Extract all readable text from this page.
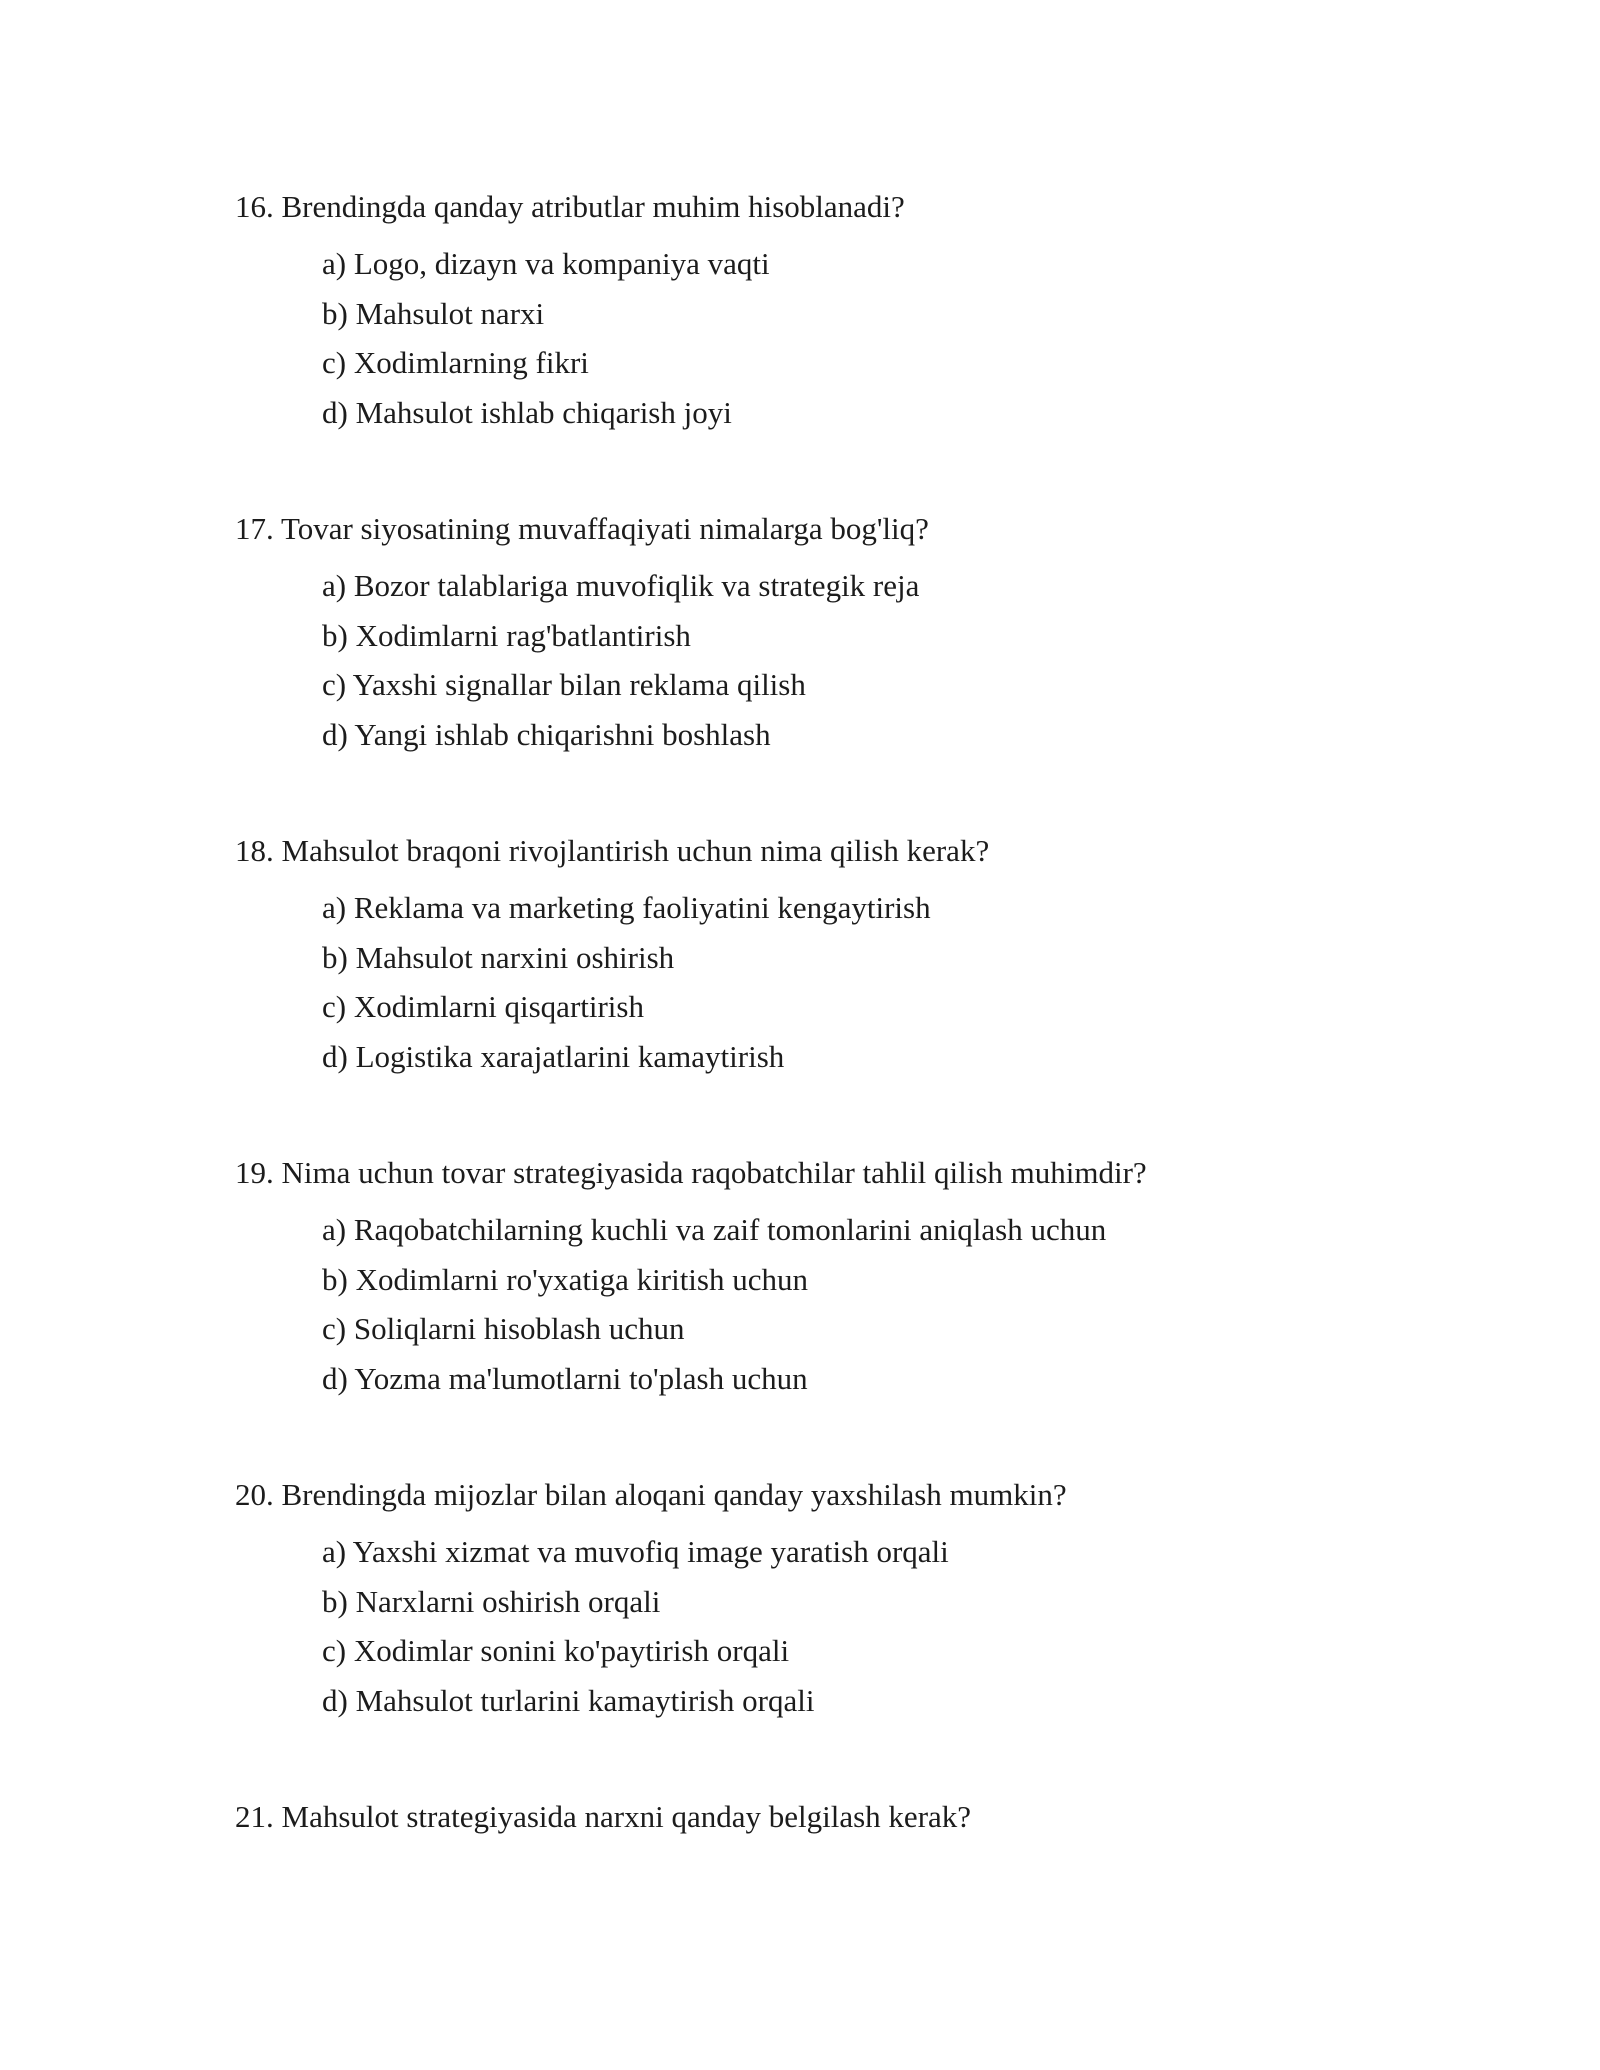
16. Brendingda qanday atributlar muhim hisoblanadi?
a) Logo, dizayn va kompaniya vaqti
b) Mahsulot narxi
c) Xodimlarning fikri
d) Mahsulot ishlab chiqarish joyi
17. Tovar siyosatining muvaffaqiyati nimalarga bog'liq?
a) Bozor talablariga muvofiqlik va strategik reja
b) Xodimlarni rag'batlantirish
c) Yaxshi signallar bilan reklama qilish
d) Yangi ishlab chiqarishni boshlash
18. Mahsulot braqoni rivojlantirish uchun nima qilish kerak?
a) Reklama va marketing faoliyatini kengaytirish
b) Mahsulot narxini oshirish
c) Xodimlarni qisqartirish
d) Logistika xarajatlarini kamaytirish
19. Nima uchun tovar strategiyasida raqobatchilar tahlil qilish muhimdir?
a) Raqobatchilarning kuchli va zaif tomonlarini aniqlash uchun
b) Xodimlarni ro'yxatiga kiritish uchun
c) Soliqlarni hisoblash uchun
d) Yozma ma'lumotlarni to'plash uchun
20. Brendingda mijozlar bilan aloqani qanday yaxshilash mumkin?
a) Yaxshi xizmat va muvofiq image yaratish orqali
b) Narxlarni oshirish orqali
c) Xodimlar sonini ko'paytirish orqali
d) Mahsulot turlarini kamaytirish orqali
21. Mahsulot strategiyasida narxni qanday belgilash kerak?
